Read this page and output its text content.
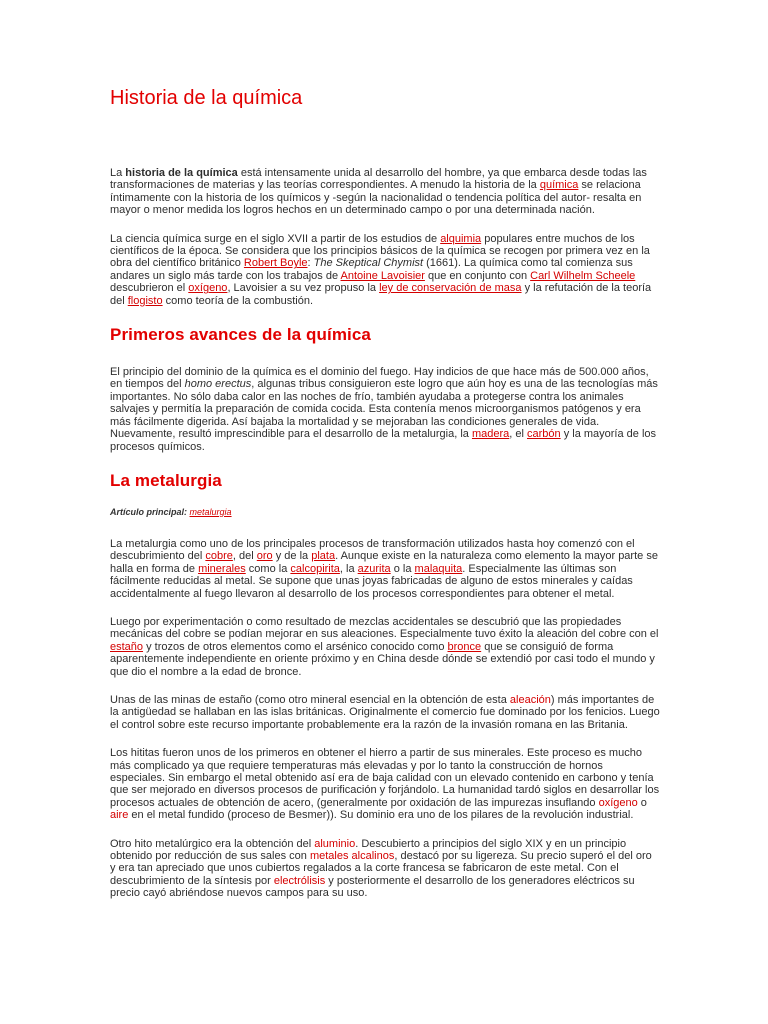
Historia de la química

La historia de la química está intensamente unida al desarrollo del hombre, ya que embarca desde todas las transformaciones de materias y las teorías correspondientes. A menudo la historia de la química se relaciona íntimamente con la historia de los químicos y -según la nacionalidad o tendencia política del autor- resalta en mayor o menor medida los logros hechos en un determinado campo o por una determinada nación.

La ciencia química surge en el siglo XVII a partir de los estudios de alquimia populares entre muchos de los científicos de la época. Se considera que los principios básicos de la química se recogen por primera vez en la obra del científico británico Robert Boyle: The Skeptical Chymist (1661). La química como tal comienza sus andares un siglo más tarde con los trabajos de Antoine Lavoisier que en conjunto con Carl Wilhelm Scheele descubrieron el oxígeno, Lavoisier a su vez propuso la ley de conservación de masa y la refutación de la teoría del flogisto como teoría de la combustión.

Primeros avances de la química

El principio del dominio de la química es el dominio del fuego. Hay indicios de que hace más de 500.000 años, en tiempos del homo erectus, algunas tribus consiguieron este logro que aún hoy es una de las tecnologías más importantes. No sólo daba calor en las noches de frío, también ayudaba a protegerse contra los animales salvajes y permitía la preparación de comida cocida. Esta contenía menos microorganismos patógenos y era más fácilmente digerida. Así bajaba la mortalidad y se mejoraban las condiciones generales de vida. Nuevamente, resultó imprescindible para el desarrollo de la metalurgia, la madera, el carbón y la mayoría de los procesos químicos.

La metalurgia

Artículo principal: metalurgia

La metalurgia como uno de los principales procesos de transformación utilizados hasta hoy comenzó con el descubrimiento del cobre, del oro y de la plata. Aunque existe en la naturaleza como elemento la mayor parte se halla en forma de minerales como la calcopirita, la azurita o la malaquita. Especialmente las últimas son fácilmente reducidas al metal. Se supone que unas joyas fabricadas de alguno de estos minerales y caídas accidentalmente al fuego llevaron al desarrollo de los procesos correspondientes para obtener el metal.

Luego por experimentación o como resultado de mezclas accidentales se descubrió que las propiedades mecánicas del cobre se podían mejorar en sus aleaciones. Especialmente tuvo éxito la aleación del cobre con el estaño y trozos de otros elementos como el arsénico conocido como bronce que se consiguió de forma aparentemente independiente en oriente próximo y en China desde dónde se extendió por casi todo el mundo y que dio el nombre a la edad de bronce.

Unas de las minas de estaño (como otro mineral esencial en la obtención de esta aleación) más importantes de la antigüedad se hallaban en las islas británicas. Originalmente el comercio fue dominado por los fenicios. Luego el control sobre este recurso importante probablemente era la razón de la invasión romana en las Britania.

Los hititas fueron unos de los primeros en obtener el hierro a partir de sus minerales. Este proceso es mucho más complicado ya que requiere temperaturas más elevadas y por lo tanto la construcción de hornos especiales. Sin embargo el metal obtenido así era de baja calidad con un elevado contenido en carbono y tenía que ser mejorado en diversos procesos de purificación y forjándolo. La humanidad tardó siglos en desarrollar los procesos actuales de obtención de acero, (generalmente por oxidación de las impurezas insuflando oxígeno o aire en el metal fundido (proceso de Besmer)). Su dominio era uno de los pilares de la revolución industrial.

Otro hito metalúrgico era la obtención del aluminio. Descubierto a principios del siglo XIX y en un principio obtenido por reducción de sus sales con metales alcalinos, destacó por su ligereza. Su precio superó el del oro y era tan apreciado que unos cubiertos regalados a la corte francesa se fabricaron de este metal. Con el descubrimiento de la síntesis por electrólisis y posteriormente el desarrollo de los generadores eléctricos su precio cayó abriéndose nuevos campos para su uso.
